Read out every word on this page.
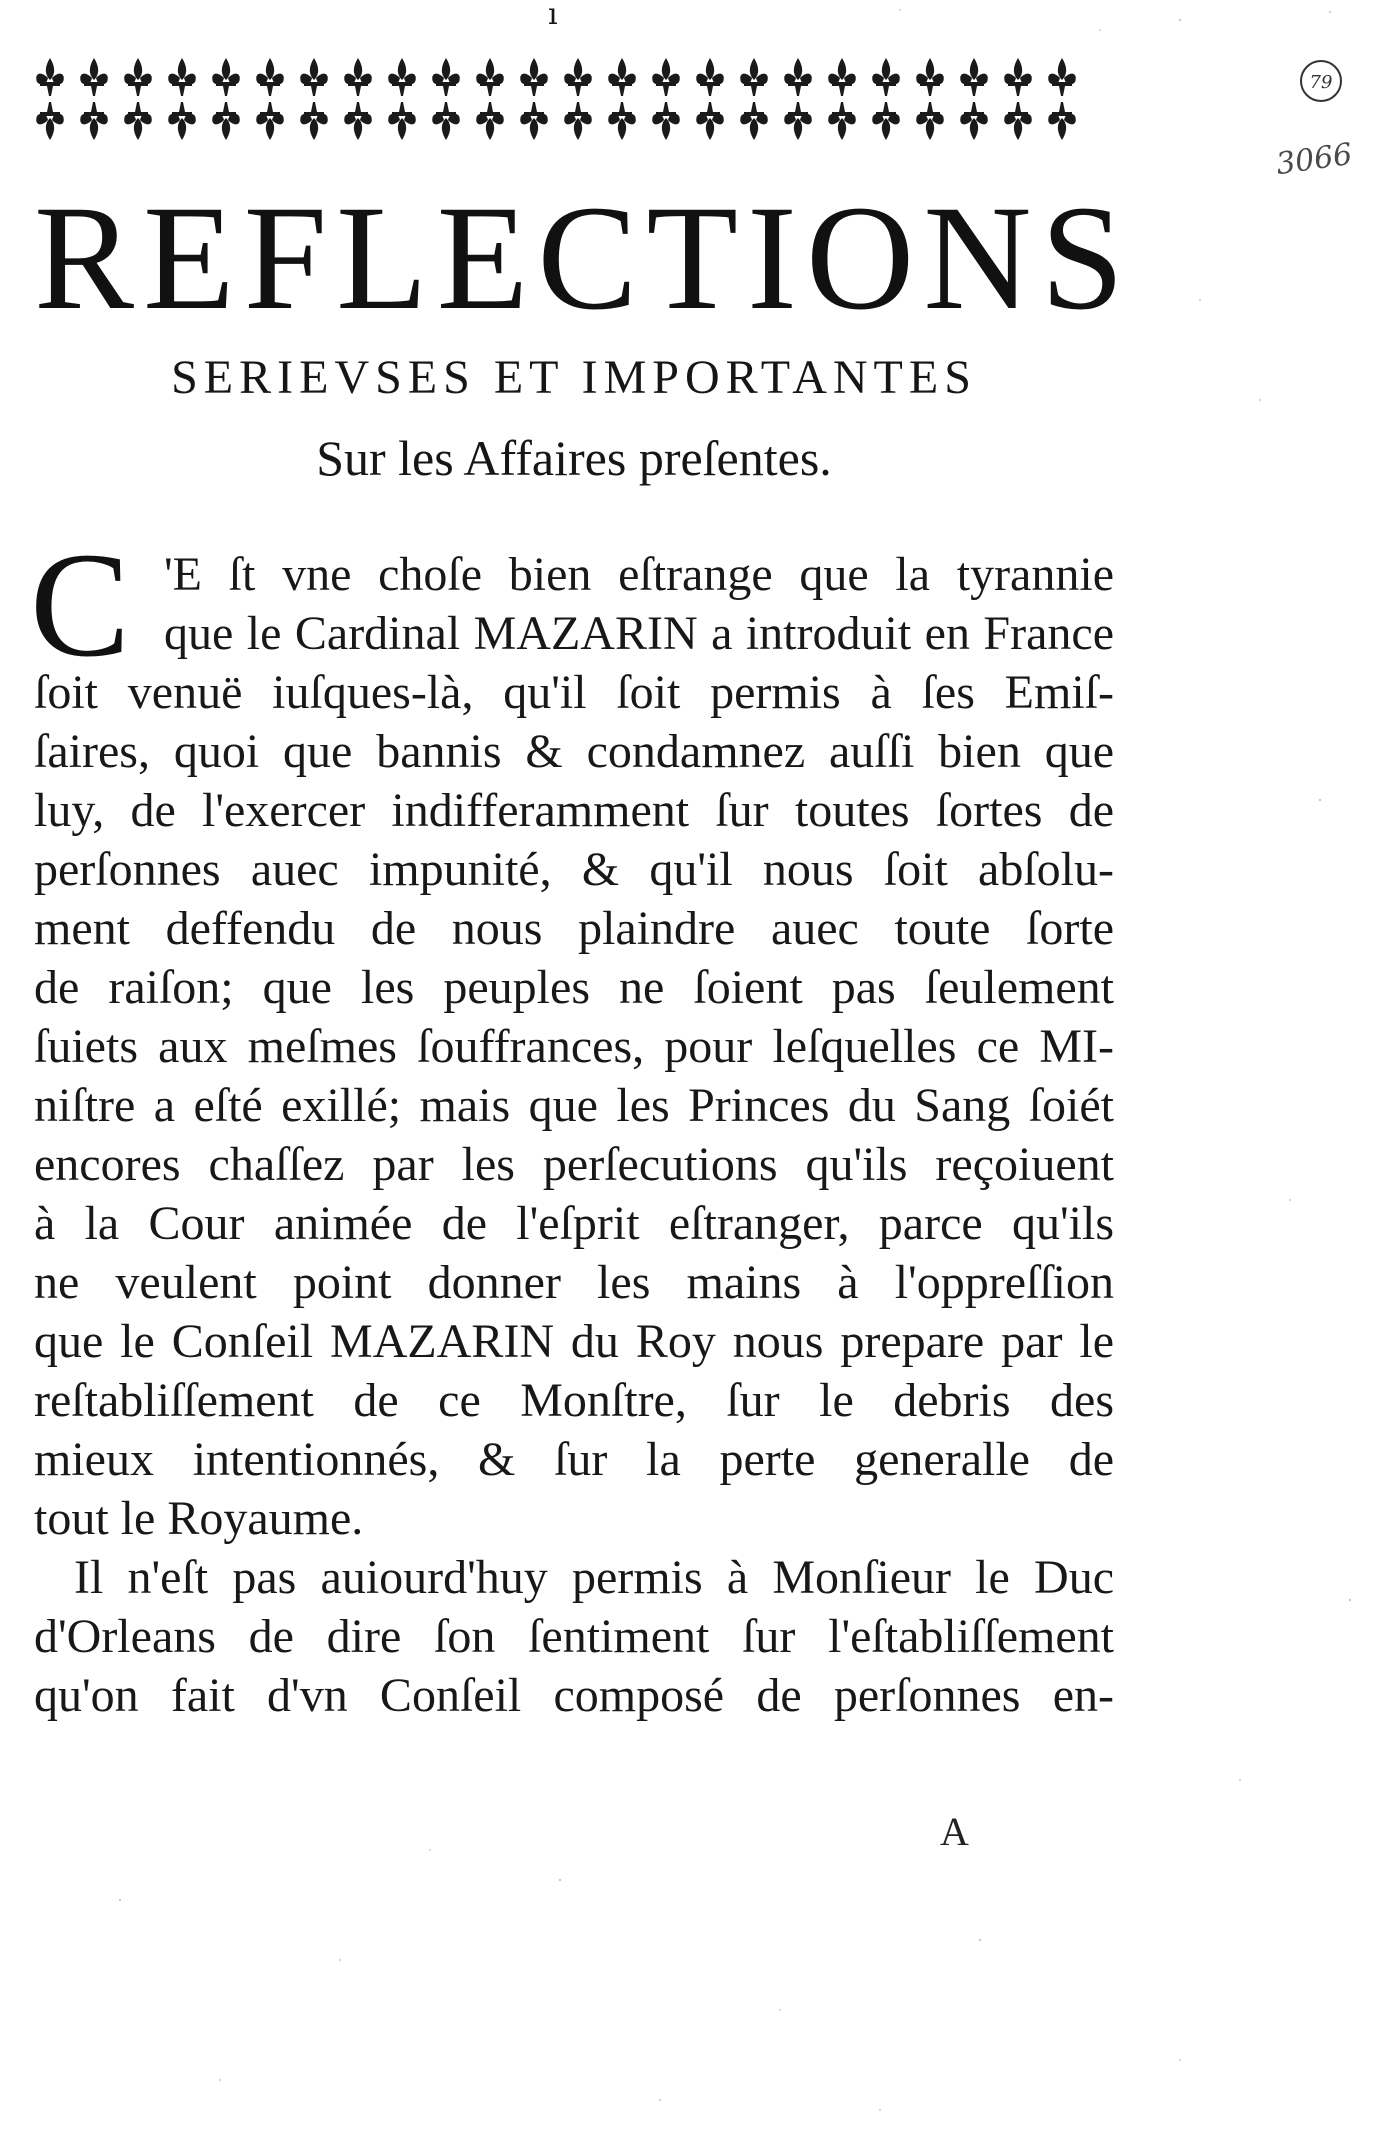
ı
79
3066
REFLECTIONS
SERIEVSES ET IMPORTANTES
Sur les Affaires preſentes.
C 'E ſt vne choſe bien eſtrange que la tyrannie
que le Cardinal MAZARIN a introduit en France
ſoit venuë iuſques-là, qu'il ſoit permis à ſes Emiſ-
ſaires, quoi que bannis & condamnez auſſi bien que
luy, de l'exercer indifferamment ſur toutes ſortes de
perſonnes auec impunité, & qu'il nous ſoit abſolu-
ment deffendu de nous plaindre auec toute ſorte
de raiſon; que les peuples ne ſoient pas ſeulement
ſuiets aux meſmes ſouffrances, pour leſquelles ce MI-
niſtre a eſté exillé; mais que les Princes du Sang ſoiét
encores chaſſez par les perſecutions qu'ils reçoiuent
à la Cour animée de l'eſprit eſtranger, parce qu'ils
ne veulent point donner les mains à l'oppreſſion
que le Conſeil MAZARIN du Roy nous prepare par le
reſtabliſſement de ce Monſtre, ſur le debris des
mieux intentionnés, & ſur la perte generalle de
tout le Royaume.
Il n'eſt pas auiourd'huy permis à Monſieur le Duc
d'Orleans de dire ſon ſentiment ſur l'eſtabliſſement
qu'on fait d'vn Conſeil composé de perſonnes en-
A
